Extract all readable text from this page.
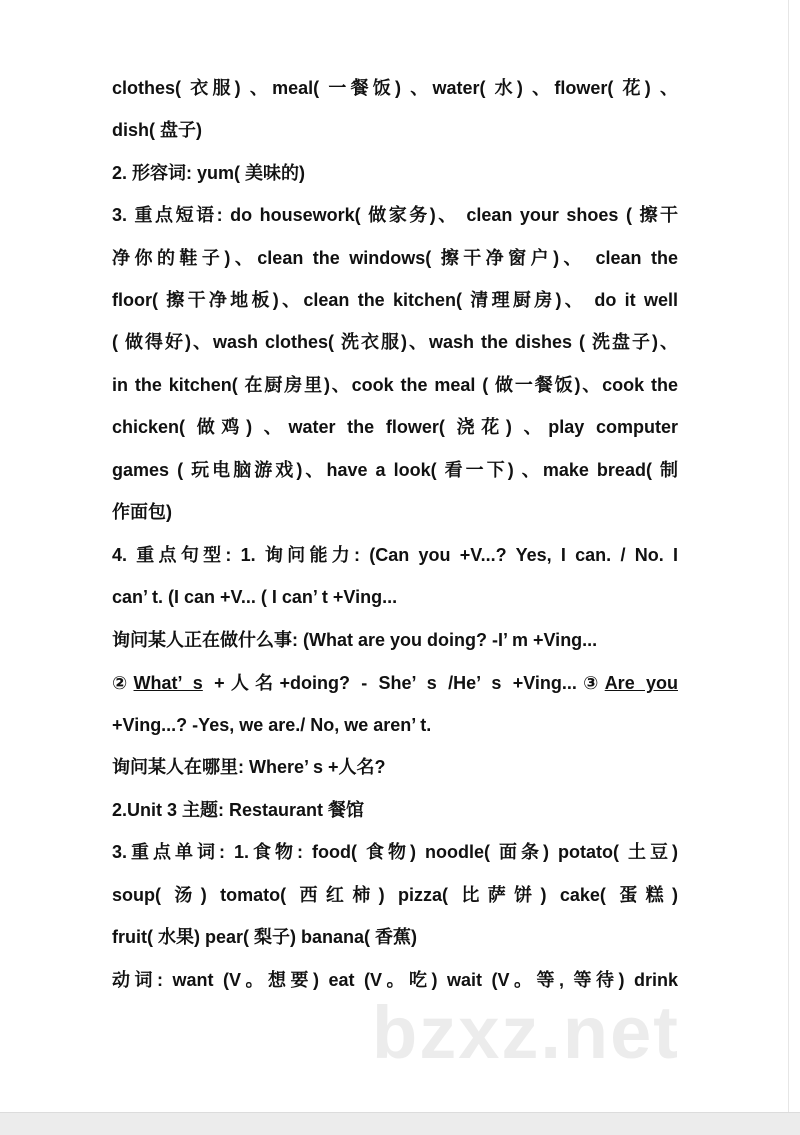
clothes( 衣服) 、meal( 一餐饭) 、water( 水) 、flower( 花) 、
dish( 盘子)
2. 形容词: yum( 美味的)
3. 重点短语: do housework( 做家务)、 clean your shoes ( 擦干
净你的鞋子)、clean the windows( 擦干净窗户)、 clean the
floor( 擦干净地板)、clean the kitchen( 清理厨房)、 do it well
( 做得好)、wash clothes( 洗衣服)、wash the dishes ( 洗盘子)、
in the kitchen( 在厨房里)、cook the meal ( 做一餐饭)、cook the
chicken( 做鸡) 、water the flower( 浇花) 、play computer
games ( 玩电脑游戏)、have a look( 看一下) 、make bread( 制
作面包)
4. 重点句型: 1. 询问能力: (Can you +V...? Yes, I can. / No. I
can’ t. (I can +V... ( I can’ t +Ving...
询问某人正在做什么事: (What are you doing? -I’ m +Ving...
②What’ s +人名+doing? - She’ s /He’ s +Ving...③Are you
+Ving...? -Yes, we are./ No, we aren’ t.
询问某人在哪里: Where’ s +人名?
2.Unit 3 主题: Restaurant 餐馆
3.重点单词: 1.食物: food( 食物) noodle( 面条) potato( 土豆)
soup( 汤) tomato( 西红柿) pizza( 比萨饼) cake( 蛋糕)
fruit( 水果) pear( 梨子) banana( 香蕉)
动词: want (V。想要) eat (V。吃) wait (V。等, 等待) drink
bzxz.net
